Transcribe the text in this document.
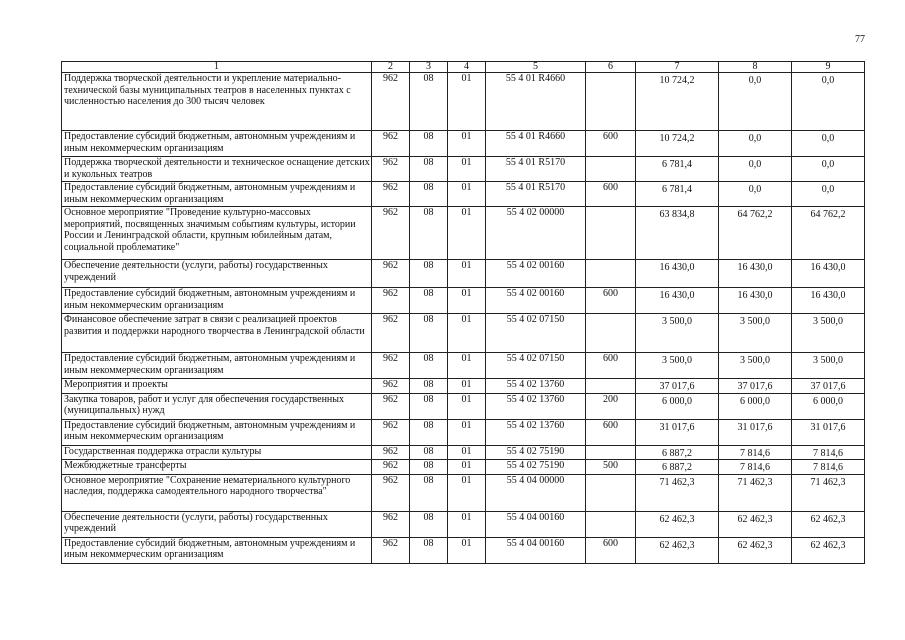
77
1	2	3	4	5	6	7	8	9
Поддержка творческой деятельности и укрепление материально-технической базы муниципальных театров в населенных пунктах с численностью населения до 300 тысяч человек	962	08	01	55 4 01 R4660		10 724,2	0,0	0,0
Предоставление субсидий бюджетным, автономным учреждениям и иным некоммерческим организациям	962	08	01	55 4 01 R4660	600	10 724,2	0,0	0,0
Поддержка творческой деятельности и техническое оснащение детских и кукольных театров	962	08	01	55 4 01 R5170		6 781,4	0,0	0,0
Предоставление субсидий бюджетным, автономным учреждениям и иным некоммерческим организациям	962	08	01	55 4 01 R5170	600	6 781,4	0,0	0,0
Основное мероприятие "Проведение культурно-массовых мероприятий, посвященных значимым событиям культуры, истории России и Ленинградской области, крупным юбилейным датам, социальной проблематике"	962	08	01	55 4 02 00000		63 834,8	64 762,2	64 762,2
Обеспечение деятельности (услуги, работы) государственных учреждений	962	08	01	55 4 02 00160		16 430,0	16 430,0	16 430,0
Предоставление субсидий бюджетным, автономным учреждениям и иным некоммерческим организациям	962	08	01	55 4 02 00160	600	16 430,0	16 430,0	16 430,0
Финансовое обеспечение затрат в связи с реализацией проектов развития и поддержки народного творчества в Ленинградской области	962	08	01	55 4 02 07150		3 500,0	3 500,0	3 500,0
Предоставление субсидий бюджетным, автономным учреждениям и иным некоммерческим организациям	962	08	01	55 4 02 07150	600	3 500,0	3 500,0	3 500,0
Мероприятия и проекты	962	08	01	55 4 02 13760		37 017,6	37 017,6	37 017,6
Закупка товаров, работ и услуг для обеспечения государственных (муниципальных) нужд	962	08	01	55 4 02 13760	200	6 000,0	6 000,0	6 000,0
Предоставление субсидий бюджетным, автономным учреждениям и иным некоммерческим организациям	962	08	01	55 4 02 13760	600	31 017,6	31 017,6	31 017,6
Государственная поддержка отрасли культуры	962	08	01	55 4 02 75190		6 887,2	7 814,6	7 814,6
Межбюджетные трансферты	962	08	01	55 4 02 75190	500	6 887,2	7 814,6	7 814,6
Основное мероприятие "Сохранение нематериального культурного наследия, поддержка самодеятельного народного творчества"	962	08	01	55 4 04 00000		71 462,3	71 462,3	71 462,3
Обеспечение деятельности (услуги, работы) государственных учреждений	962	08	01	55 4 04 00160		62 462,3	62 462,3	62 462,3
Предоставление субсидий бюджетным, автономным учреждениям и иным некоммерческим организациям	962	08	01	55 4 04 00160	600	62 462,3	62 462,3	62 462,3
